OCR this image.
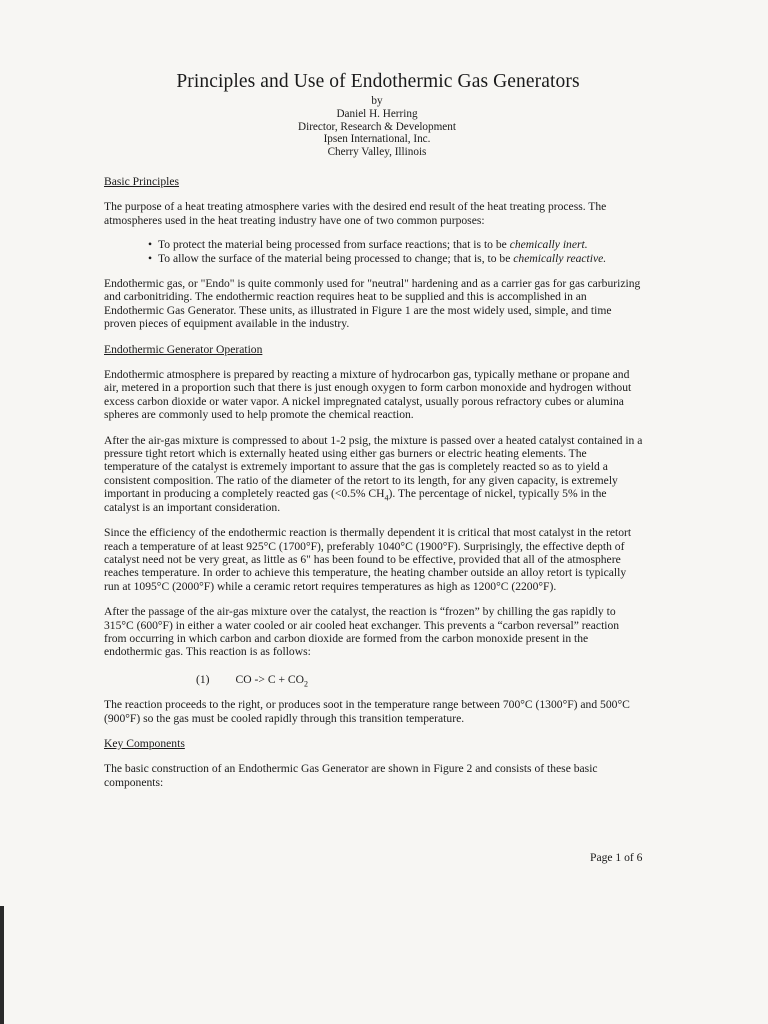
Principles and Use of Endothermic Gas Generators
by
Daniel H. Herring
Director, Research & Development
Ipsen International, Inc.
Cherry Valley, Illinois

Basic Principles

The purpose of a heat treating atmosphere varies with the desired end result of the heat treating process. The atmospheres used in the heat treating industry have one of two common purposes:

• To protect the material being processed from surface reactions; that is to be chemically inert.
• To allow the surface of the material being processed to change; that is, to be chemically reactive.

Endothermic gas, or "Endo" is quite commonly used for "neutral" hardening and as a carrier gas for gas carburizing and carbonitriding. The endothermic reaction requires heat to be supplied and this is accomplished in an Endothermic Gas Generator. These units, as illustrated in Figure 1 are the most widely used, simple, and time proven pieces of equipment available in the industry.

Endothermic Generator Operation

Endothermic atmosphere is prepared by reacting a mixture of hydrocarbon gas, typically methane or propane and air, metered in a proportion such that there is just enough oxygen to form carbon monoxide and hydrogen without excess carbon dioxide or water vapor. A nickel impregnated catalyst, usually porous refractory cubes or alumina spheres are commonly used to help promote the chemical reaction.

After the air-gas mixture is compressed to about 1-2 psig, the mixture is passed over a heated catalyst contained in a pressure tight retort which is externally heated using either gas burners or electric heating elements. The temperature of the catalyst is extremely important to assure that the gas is completely reacted so as to yield a consistent composition. The ratio of the diameter of the retort to its length, for any given capacity, is extremely important in producing a completely reacted gas (<0.5% $CH_4$). The percentage of nickel, typically 5% in the catalyst is an important consideration.

Since the efficiency of the endothermic reaction is thermally dependent it is critical that most catalyst in the retort reach a temperature of at least 925°C (1700°F), preferably 1040°C (1900°F). Surprisingly, the effective depth of catalyst need not be very great, as little as 6" has been found to be effective, provided that all of the atmosphere reaches temperature. In order to achieve this temperature, the heating chamber outside an alloy retort is typically run at 1095°C (2000°F) while a ceramic retort requires temperatures as high as 1200°C (2200°F).

After the passage of the air-gas mixture over the catalyst, the reaction is “frozen” by chilling the gas rapidly to 315°C (600°F) in either a water cooled or air cooled heat exchanger. This prevents a “carbon reversal” reaction from occurring in which carbon and carbon dioxide are formed from the carbon monoxide present in the endothermic gas. This reaction is as follows:

(1) CO -> $C + CO_2$

The reaction proceeds to the right, or produces soot in the temperature range between 700°C (1300°F) and 500°C (900°F) so the gas must be cooled rapidly through this transition temperature.

Key Components

The basic construction of an Endothermic Gas Generator are shown in Figure 2 and consists of these basic components:

Page 1 of 6
